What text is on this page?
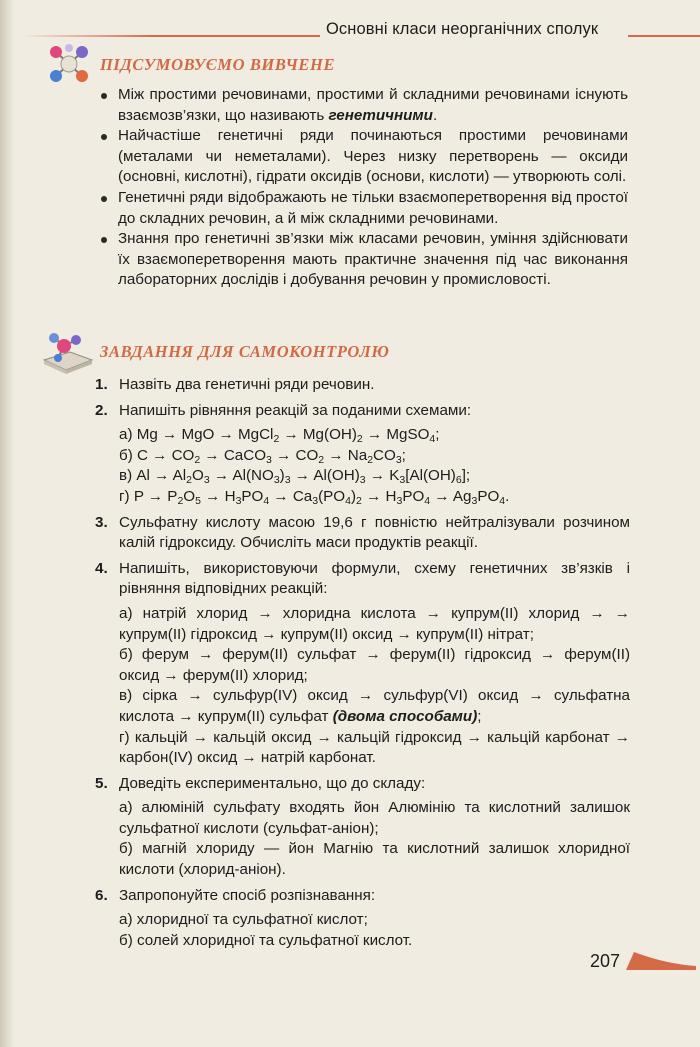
Основні класи неорганічних сполук
ПІДСУМОВУЄМО ВИВЧЕНЕ
Між простими речовинами, простими й складними речовинами існують взаємозв’язки, що називають генетичними.
Найчастіше генетичні ряди починаються простими речовинами (металами чи неметалами). Через низку перетворень — оксиди (основні, кислотні), гідрати оксидів (основи, кислоти) — утворюють солі.
Генетичні ряди відображають не тільки взаємоперетворення від простої до складних речовин, а й між складними речовинами.
Знання про генетичні зв’язки між класами речовин, уміння здійснювати їх взаємоперетворення мають практичне значення під час виконання лабораторних дослідів і добування речовин у промисловості.
ЗАВДАННЯ ДЛЯ САМОКОНТРОЛЮ
1. Назвіть два генетичні ряди речовин.
2. Напишіть рівняння реакцій за поданими схемами:
а) Mg → MgO → MgCl$_2$ → $Mg(OH)_2$ → MgSO$_4$;
б) $C \to CO_2$ → CaCO$_3$ → $CO_2 \to Na_2CO_3$;
в) $Al \to Al_2O_3 \to Al(NO_3)_3 \to Al(OH)_3 \to K_3[Al(OH)_6]$;
г) $P \to P_2O_5 \to H_3PO_4 \to Ca_3(PO_4)_2 \to H_3PO_4 \to Ag_3PO_4$.
3. Сульфатну кислоту масою 19,6 г повністю нейтралізували розчином калій гідроксиду. Обчисліть маси продуктів реакції.
4. Напишіть, використовуючи формули, схему генетичних зв’язків і рівняння відповідних реакцій:
а) натрій хлорид → хлоридна кислота → купрум(ІІ) хлорид → → купрум(ІІ) гідроксид → купрум(ІІ) оксид → купрум(ІІ) нітрат;
б) ферум → ферум(ІІ) сульфат → ферум(ІІ) гідроксид → ферум(ІІ) оксид → ферум(ІІ) хлорид;
в) сірка → сульфур(IV) оксид → сульфур(VI) оксид → сульфатна кислота → купрум(ІІ) сульфат (двома способами);
г) кальцій → кальцій оксид → кальцій гідроксид → кальцій карбонат → карбон(IV) оксид → натрій карбонат.
5. Доведіть експериментально, що до складу:
а) алюміній сульфату входять йон Алюмінію та кислотний залишок сульфатної кислоти (сульфат-аніон);
б) магній хлориду — йон Магнію та кислотний залишок хлоридної кислоти (хлорид-аніон).
6. Запропонуйте спосіб розпізнавання:
а) хлоридної та сульфатної кислот;
б) солей хлоридної та сульфатної кислот.
207
